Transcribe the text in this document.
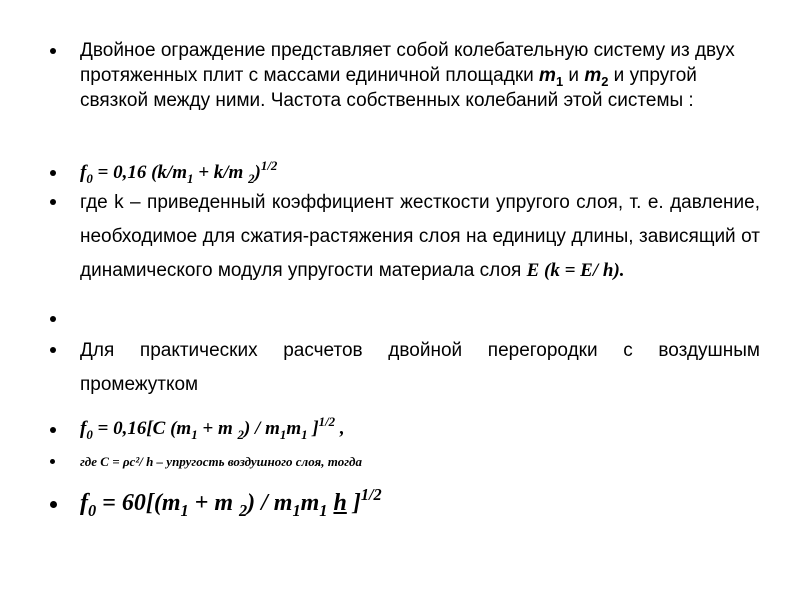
Двойное ограждение представляет собой колебательную систему из двух протяженных плит с массами единичной площадки $m_1$ и $m_2$ и упругой связкой между ними. Частота собственных колебаний этой системы :
$f_0 = 0,16$ ($k/m_1 + k/m$ $_2$)$^{1/2}$
где k – приведенный коэффициент жесткости упругого слоя, т. е. давление, необходимое для сжатия-растяжения слоя на единицу длины, зависящий от динамического модуля упругости материала слоя E (k = E/ h).
Для практических расчетов двойной перегородки с воздушным промежутком
$f_0 = 0,16[C$ ($m_1 + m$ $_2) / m_1m_1$ ]$^{1/2}$ ,
где C = ρc²/ h – упругость воздушного слоя, тогда
$f_0 = 60[(m_1 + m$ $_2) / m_1m_1$ h ]$^{1/2}$
